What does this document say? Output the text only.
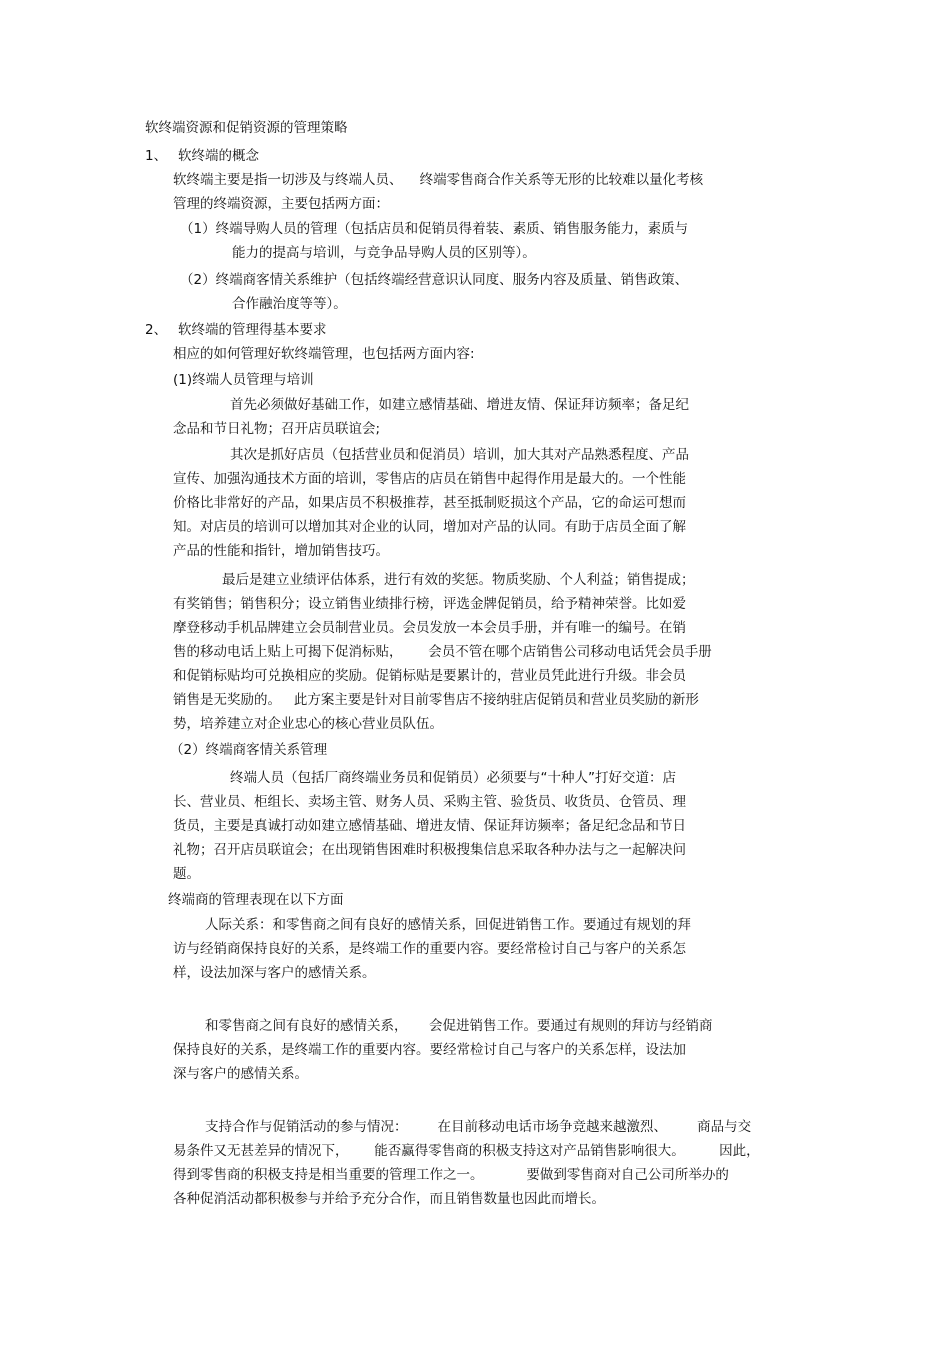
软终端资源和促销资源的管理策略

1、 软终端的概念

软终端主要是指一切涉及与终端人员、    终端零售商合作关系等无形的比较难以量化考核

管理的终端资源，主要包括两方面：

（1）终端导购人员的管理（包括店员和促销员得着装、素质、销售服务能力，素质与

能力的提高与培训，与竞争品导购人员的区别等）。

（2）终端商客情关系维护（包括终端经营意识认同度、服务内容及质量、销售政策、

合作融治度等等）。

2、 软终端的管理得基本要求

相应的如何管理好软终端管理，也包括两方面内容:

(1)终端人员管理与培训

首先必须做好基础工作，如建立感情基础、增进友情、保证拜访频率；备足纪

念品和节日礼物；召开店员联谊会;

其次是抓好店员（包括营业员和促消员）培训，加大其对产品熟悉程度、产品

宣传、加强沟通技术方面的培训，零售店的店员在销售中起得作用是最大的。一个性能

价格比非常好的产品，如果店员不积极推荐，甚至抵制贬损这个产品，它的命运可想而

知。对店员的培训可以增加其对企业的认同，增加对产品的认同。有助于店员全面了解

产品的性能和指针，增加销售技巧。

最后是建立业绩评估体系，进行有效的奖惩。物质奖励、个人利益；销售提成；

有奖销售；销售积分；设立销售业绩排行榜，评选金牌促销员，给予精神荣誉。比如爱

摩登移动手机品牌建立会员制营业员。会员发放一本会员手册，并有唯一的编号。在销

售的移动电话上贴上可揭下促消标贴，      会员不管在哪个店销售公司移动电话凭会员手册

和促销标贴均可兑换相应的奖励。促销标贴是要累计的，营业员凭此进行升级。非会员

销售是无奖励的。   此方案主要是针对目前零售店不接纳驻店促销员和营业员奖励的新形

势，培养建立对企业忠心的核心营业员队伍。

（2）终端商客情关系管理

终端人员（包括厂商终端业务员和促销员）必须要与“十种人”打好交道：店

长、营业员、柜组长、卖场主管、财务人员、采购主管、验货员、收货员、仓管员、理

货员，主要是真诚打动如建立感情基础、增进友情、保证拜访频率；备足纪念品和节日

礼物；召开店员联谊会；在出现销售困难时积极搜集信息采取各种办法与之一起解决问

题。

终端商的管理表现在以下方面

人际关系：和零售商之间有良好的感情关系，回促进销售工作。要通过有规划的拜

访与经销商保持良好的关系，是终端工作的重要内容。要经常检讨自己与客户的关系怎

样，设法加深与客户的感情关系。

和零售商之间有良好的感情关系，     会促进销售工作。要通过有规则的拜访与经销商

保持良好的关系，是终端工作的重要内容。要经常检讨自己与客户的关系怎样，设法加

深与客户的感情关系。

支持合作与促销活动的参与情况：       在目前移动电话市场争竞越来越激烈、       商品与交

易条件又无甚差异的情况下，      能否赢得零售商的积极支持这对产品销售影响很大。        因此，

得到零售商的积极支持是相当重要的管理工作之一。          要做到零售商对自己公司所举办的

各种促消活动都积极参与并给予充分合作，而且销售数量也因此而增长。
